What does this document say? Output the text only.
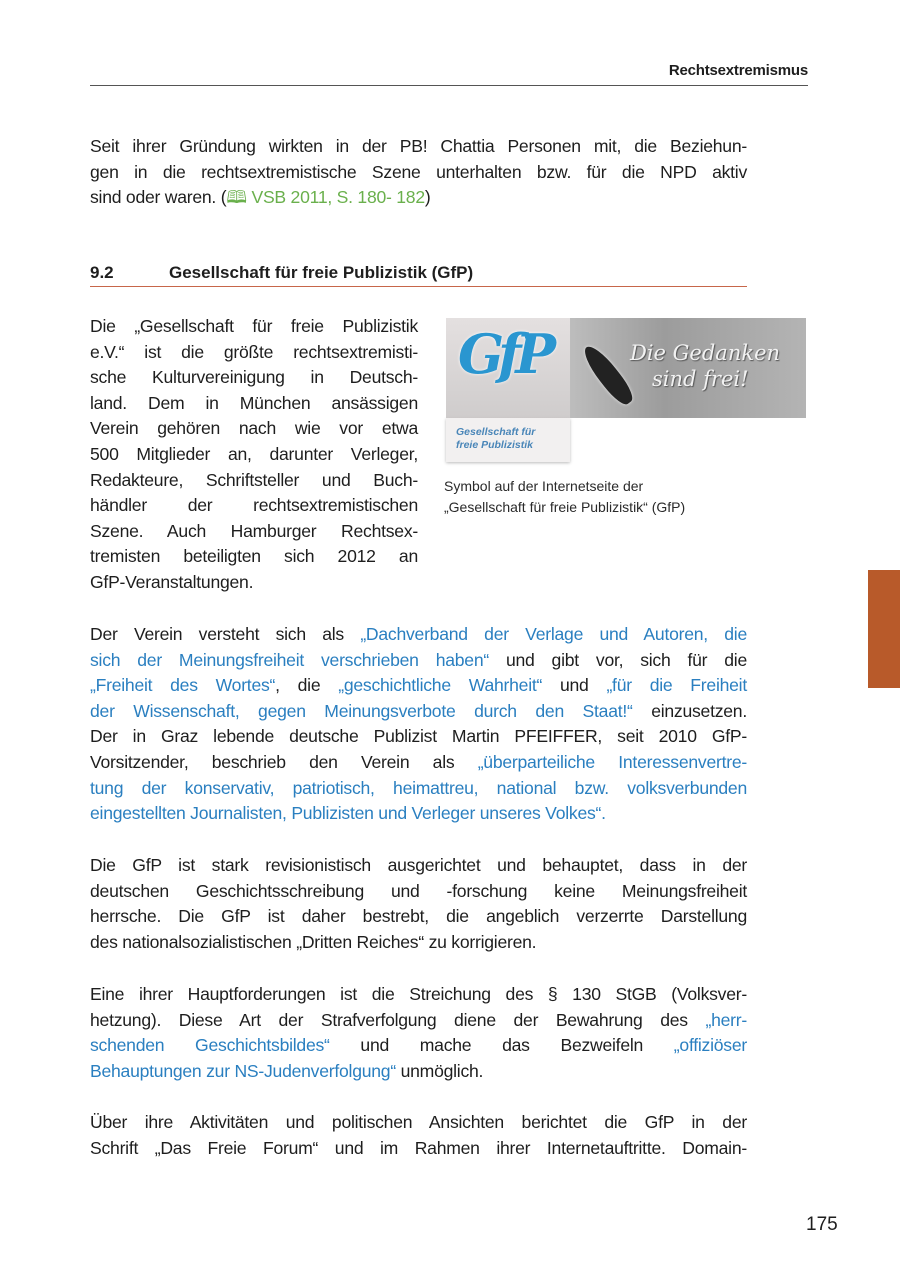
Rechtsextremismus
Seit ihrer Gründung wirkten in der PB! Chattia Personen mit, die Beziehun-
gen in die rechtsextremistische Szene unterhalten bzw. für die NPD aktiv
sind oder waren. (🕮 VSB 2011, S. 180- 182)
9.2	Gesellschaft für freie Publizistik (GfP)
Die „Gesellschaft für freie Publizistik
e.V.“ ist die größte rechtsextremisti-
sche Kulturvereinigung in Deutsch-
land. Dem in München ansässigen
Verein gehören nach wie vor etwa
500 Mitglieder an, darunter Verleger,
Redakteure, Schriftsteller und Buch-
händler der rechtsextremistischen
Szene. Auch Hamburger Rechtsex-
tremisten beteiligten sich 2012 an
GfP-Veranstaltungen.
GfP
Gesellschaft für
freie Publizistik
Die Gedanken
sind frei!
Symbol auf der Internetseite der
„Gesellschaft für freie Publizistik“ (GfP)
Der Verein versteht sich als „Dachverband der Verlage und Autoren, die
sich der Meinungsfreiheit verschrieben haben“ und gibt vor, sich für die
„Freiheit des Wortes“, die „geschichtliche Wahrheit“ und „für die Freiheit
der Wissenschaft, gegen Meinungsverbote durch den Staat!“ einzusetzen.
Der in Graz lebende deutsche Publizist Martin PFEIFFER, seit 2010 GfP-
Vorsitzender, beschrieb den Verein als „überparteiliche Interessenvertre-
tung der konservativ, patriotisch, heimattreu, national bzw. volksverbunden
eingestellten Journalisten, Publizisten und Verleger unseres Volkes“.
Die GfP ist stark revisionistisch ausgerichtet und behauptet, dass in der
deutschen Geschichtsschreibung und -forschung keine Meinungsfreiheit
herrsche. Die GfP ist daher bestrebt, die angeblich verzerrte Darstellung
des nationalsozialistischen „Dritten Reiches“ zu korrigieren.
Eine ihrer Hauptforderungen ist die Streichung des § 130 StGB (Volksver-
hetzung). Diese Art der Strafverfolgung diene der Bewahrung des „herr-
schenden Geschichtsbildes“ und mache das Bezweifeln „offiziöser
Behauptungen zur NS-Judenverfolgung“ unmöglich.
Über ihre Aktivitäten und politischen Ansichten berichtet die GfP in der
Schrift „Das Freie Forum“ und im Rahmen ihrer Internetauftritte. Domain-
175
